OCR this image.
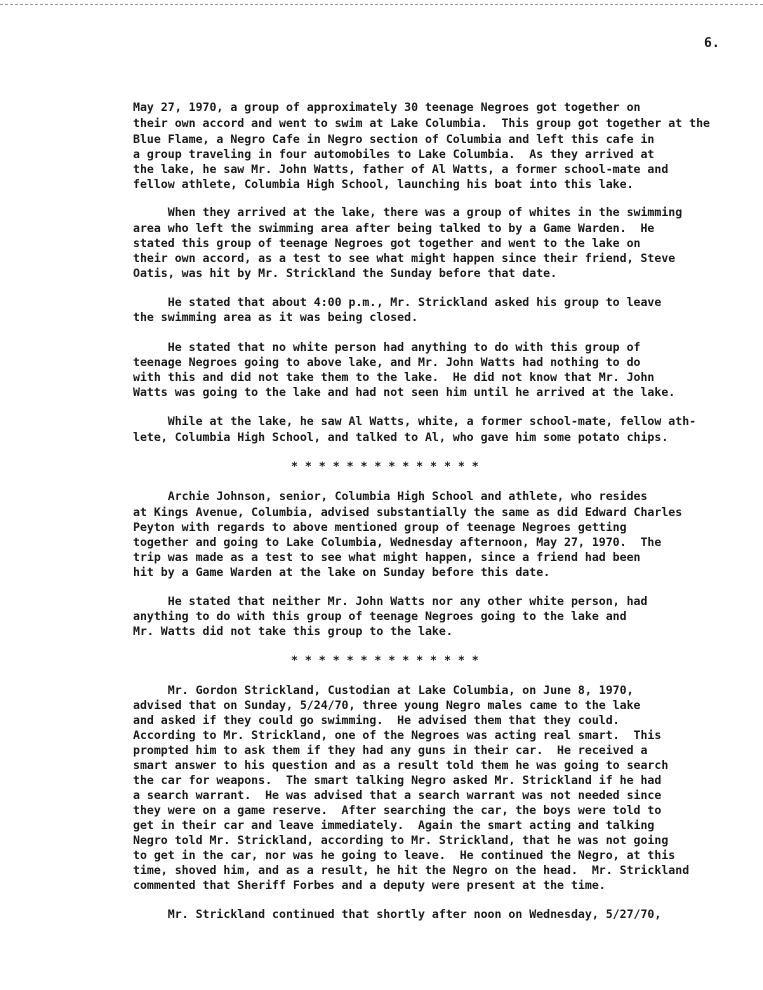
6.
May 27, 1970, a group of approximately 30 teenage Negroes got together on
their own accord and went to swim at Lake Columbia.  This group got together at the
Blue Flame, a Negro Cafe in Negro section of Columbia and left this cafe in
a group traveling in four automobiles to Lake Columbia.  As they arrived at
the lake, he saw Mr. John Watts, father of Al Watts, a former school-mate and
fellow athlete, Columbia High School, launching his boat into this lake.
When they arrived at the lake, there was a group of whites in the swimming
area who left the swimming area after being talked to by a Game Warden.  He
stated this group of teenage Negroes got together and went to the lake on
their own accord, as a test to see what might happen since their friend, Steve
Oatis, was hit by Mr. Strickland the Sunday before that date.
He stated that about 4:00 p.m., Mr. Strickland asked his group to leave
the swimming area as it was being closed.
He stated that no white person had anything to do with this group of
teenage Negroes going to above lake, and Mr. John Watts had nothing to do
with this and did not take them to the lake.  He did not know that Mr. John
Watts was going to the lake and had not seen him until he arrived at the lake.
While at the lake, he saw Al Watts, white, a former school-mate, fellow ath-
lete, Columbia High School, and talked to Al, who gave him some potato chips.
* * * * * * * * * * * * * *
Archie Johnson, senior, Columbia High School and athlete, who resides
at Kings Avenue, Columbia, advised substantially the same as did Edward Charles
Peyton with regards to above mentioned group of teenage Negroes getting
together and going to Lake Columbia, Wednesday afternoon, May 27, 1970.  The
trip was made as a test to see what might happen, since a friend had been
hit by a Game Warden at the lake on Sunday before this date.
He stated that neither Mr. John Watts nor any other white person, had
anything to do with this group of teenage Negroes going to the lake and
Mr. Watts did not take this group to the lake.
* * * * * * * * * * * * * *
Mr. Gordon Strickland, Custodian at Lake Columbia, on June 8, 1970,
advised that on Sunday, 5/24/70, three young Negro males came to the lake
and asked if they could go swimming.  He advised them that they could.
According to Mr. Strickland, one of the Negroes was acting real smart.  This
prompted him to ask them if they had any guns in their car.  He received a
smart answer to his question and as a result told them he was going to search
the car for weapons.  The smart talking Negro asked Mr. Strickland if he had
a search warrant.  He was advised that a search warrant was not needed since
they were on a game reserve.  After searching the car, the boys were told to
get in their car and leave immediately.  Again the smart acting and talking
Negro told Mr. Strickland, according to Mr. Strickland, that he was not going
to get in the car, nor was he going to leave.  He continued the Negro, at this
time, shoved him, and as a result, he hit the Negro on the head.  Mr. Strickland
commented that Sheriff Forbes and a deputy were present at the time.
Mr. Strickland continued that shortly after noon on Wednesday, 5/27/70,
